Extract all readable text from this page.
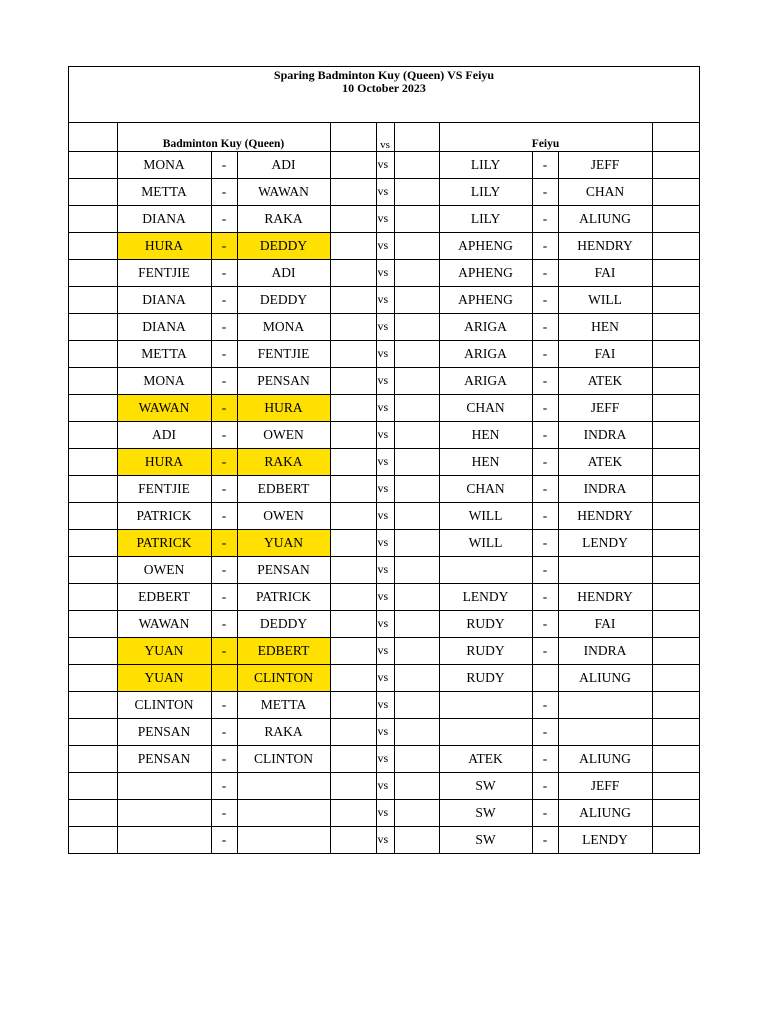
Sparing Badminton Kuy (Queen) VS Feiyu
10 October 2023
	Badminton Kuy (Queen)				vs		Feiyu			
	MONA	-	ADI		vs		LILY	-	JEFF	
	METTA	-	WAWAN		vs		LILY	-	CHAN	
	DIANA	-	RAKA		vs		LILY	-	ALIUNG	
	HURA	-	DEDDY		vs		APHENG	-	HENDRY	
	FENTJIE	-	ADI		vs		APHENG	-	FAI	
	DIANA	-	DEDDY		vs		APHENG	-	WILL	
	DIANA	-	MONA		vs		ARIGA	-	HEN	
	METTA	-	FENTJIE		vs		ARIGA	-	FAI	
	MONA	-	PENSAN		vs		ARIGA	-	ATEK	
	WAWAN	-	HURA		vs		CHAN	-	JEFF	
	ADI	-	OWEN		vs		HEN	-	INDRA	
	HURA	-	RAKA		vs		HEN	-	ATEK	
	FENTJIE	-	EDBERT		vs		CHAN	-	INDRA	
	PATRICK	-	OWEN		vs		WILL	-	HENDRY	
	PATRICK	-	YUAN		vs		WILL	-	LENDY	
	OWEN	-	PENSAN		vs			-		
	EDBERT	-	PATRICK		vs		LENDY	-	HENDRY	
	WAWAN	-	DEDDY		vs		RUDY	-	FAI	
	YUAN	-	EDBERT		vs		RUDY	-	INDRA	
	YUAN		CLINTON		vs		RUDY		ALIUNG	
	CLINTON	-	METTA		vs			-		
	PENSAN	-	RAKA		vs			-		
	PENSAN	-	CLINTON		vs		ATEK	-	ALIUNG	
		-			vs		SW	-	JEFF	
		-			vs		SW	-	ALIUNG	
		-			vs		SW	-	LENDY	
